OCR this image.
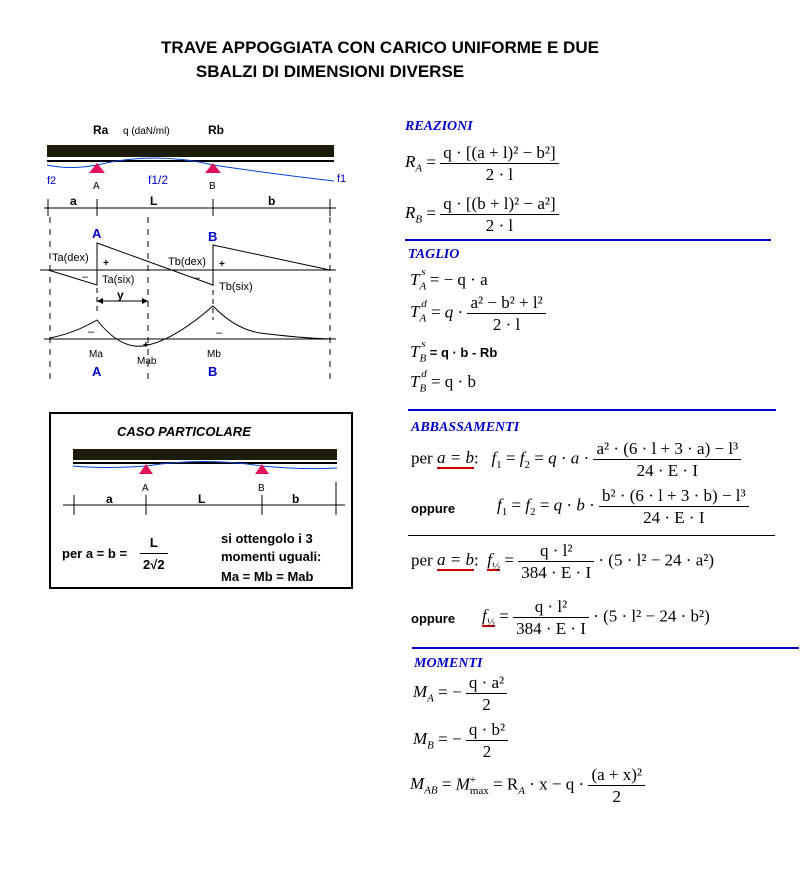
TRAVE APPOGGIATA CON CARICO UNIFORME E DUE
SBALZI DI DIMENSIONI DIVERSE
Ra q (daN/ml)	Rb
f2	f1/2	f1
A	B
a	L	b
A	B
Ta(dex)
Ta(six)
Tb(dex)
Tb(six)
+	+
–	–
y
–	–
+
Ma
Mab
Mb
A	B
CASO PARTICOLARE
A	B
a	L	b
per $a = b = \frac{L}{2√2}$	si ottengolo i 3
momenti uguali:
Ma = Mb = Mab
REAZIONI
$R_A = \frac{\text{q · [(a + l)² − b²]}}{2 \cdot l}$
$R_B = \frac{\text{q · [(b + l)² − a²]}}{2 \cdot l}$
TAGLIO
$T_A^s$ = − q · a
$T_A^d = q \cdot \frac{\text{a² − b² + l²}}{2 \cdot l}$
$T_B^s = q \cdot b - Rb$
$T_B^d = q \cdot b$
ABBASSAMENTI
per a = b:   $f_1 = f_2 = q \cdot a \cdot \frac{\text{a² · (6 · l + 3 · a) − l³}}{24 \cdot E \cdot I}$
oppure $f_1 = f_2 = q \cdot b \cdot \frac{\text{b² · (6 · l + 3 · b) − l³}}{24 \cdot E \cdot I}$
per a = b:  $f_{\frac{1}{2}} = \frac{\text{q · l²}}{384 \cdot E \cdot I} \cdot (5 \cdot l^2 - 24 \cdot a^2)$
oppure $f_{\frac{1}{2}} = \frac{\text{q · l²}}{384 \cdot E \cdot I} \cdot (5 \cdot l^2 - 24 \cdot b^2)$
MOMENTI
$M_A$ = − $\frac{\text{q · a²}}{2}$
$M_B$ = − $\frac{\text{q · b²}}{2}$
$M_{AB} = M$ +
$\max = R_A \cdot x - q \cdot \frac{\text{(a + x)²}}{2}$
